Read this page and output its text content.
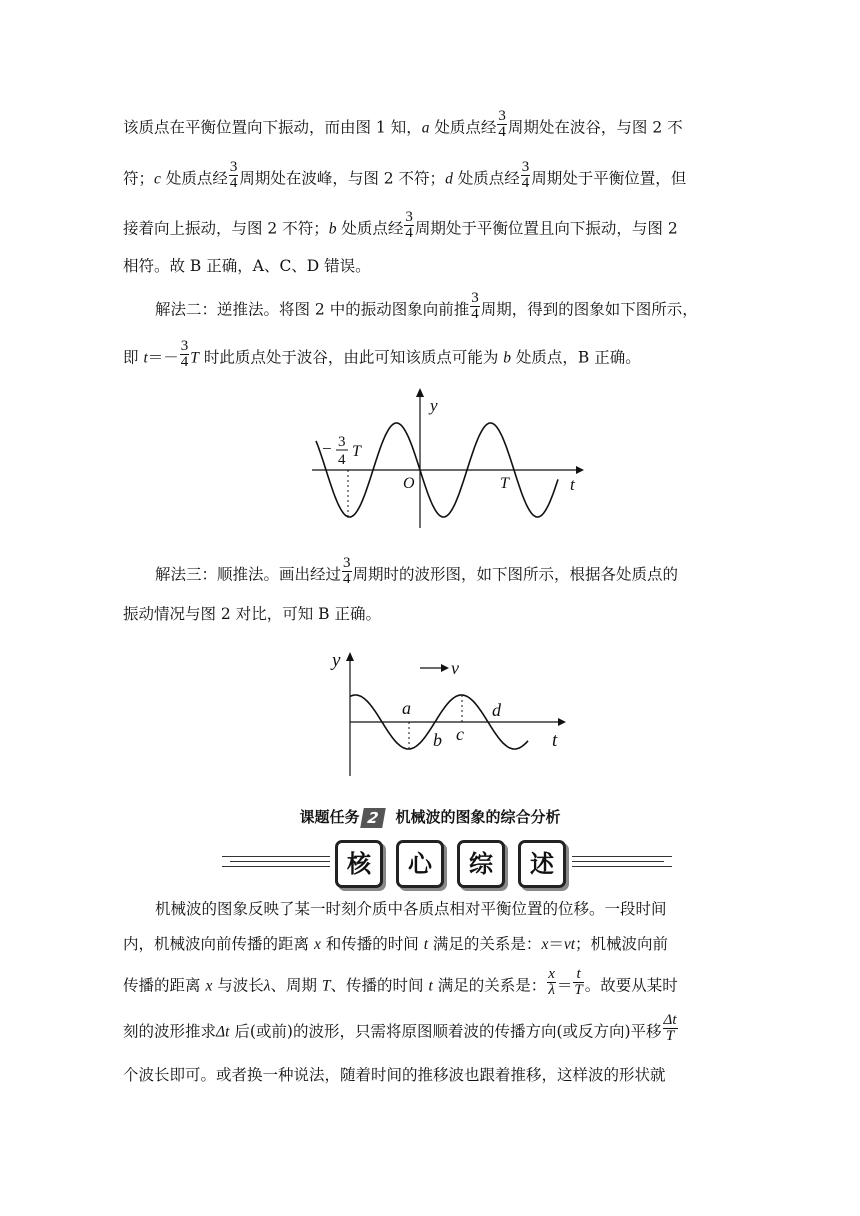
该质点在平衡位置向下振动，而由图 1 知，a 处质点经 $\frac{3}{4}$ 周期处在波谷，与图 2 不
符；c 处质点经 $\frac{3}{4}$ 周期处在波峰，与图 2 不符；d 处质点经 $\frac{3}{4}$ 周期处于平衡位置，但
接着向上振动，与图 2 不符；b 处质点经 $\frac{3}{4}$ 周期处于平衡位置且向下振动，与图 2
相符。故 B 正确，A、C、D 错误。
解法二：逆推法。将图 2 中的振动图象向前推 $\frac{3}{4}$ 周期，得到的图象如下图所示，
即 $t=- \frac{3}{4}$ T 时此质点处于波谷，由此可知该质点可能为 b 处质点，B 正确。
y
t
O	T
− 3
4 T
解法三：顺推法。画出经过 $\frac{3}{4}$ 周期时的波形图，如下图所示，根据各处质点的
振动情况与图 2 对比，可知 B 正确。
y
t
v
a
b c
d
课题任务 2 机械波的图象的综合分析
核	心	综	述
机械波的图象反映了某一时刻介质中各质点相对平衡位置的位移。一段时间
内，机械波向前传播的距离 x 和传播的时间 t 满足的关系是：x＝vt；机械波向前
传播的距离 x 与波长λ、周期 T、传播的时间 t 满足的关系是： $\frac{x}{\lambda} = \frac{t}{T}$ 。故要从某时
刻的波形推求Δt 后(或前)的波形，只需将原图顺着波的传播方向(或反方向)平移 $\frac{\Delta t}{T}$
个波长即可。或者换一种说法，随着时间的推移波也跟着推移，这样波的形状就
